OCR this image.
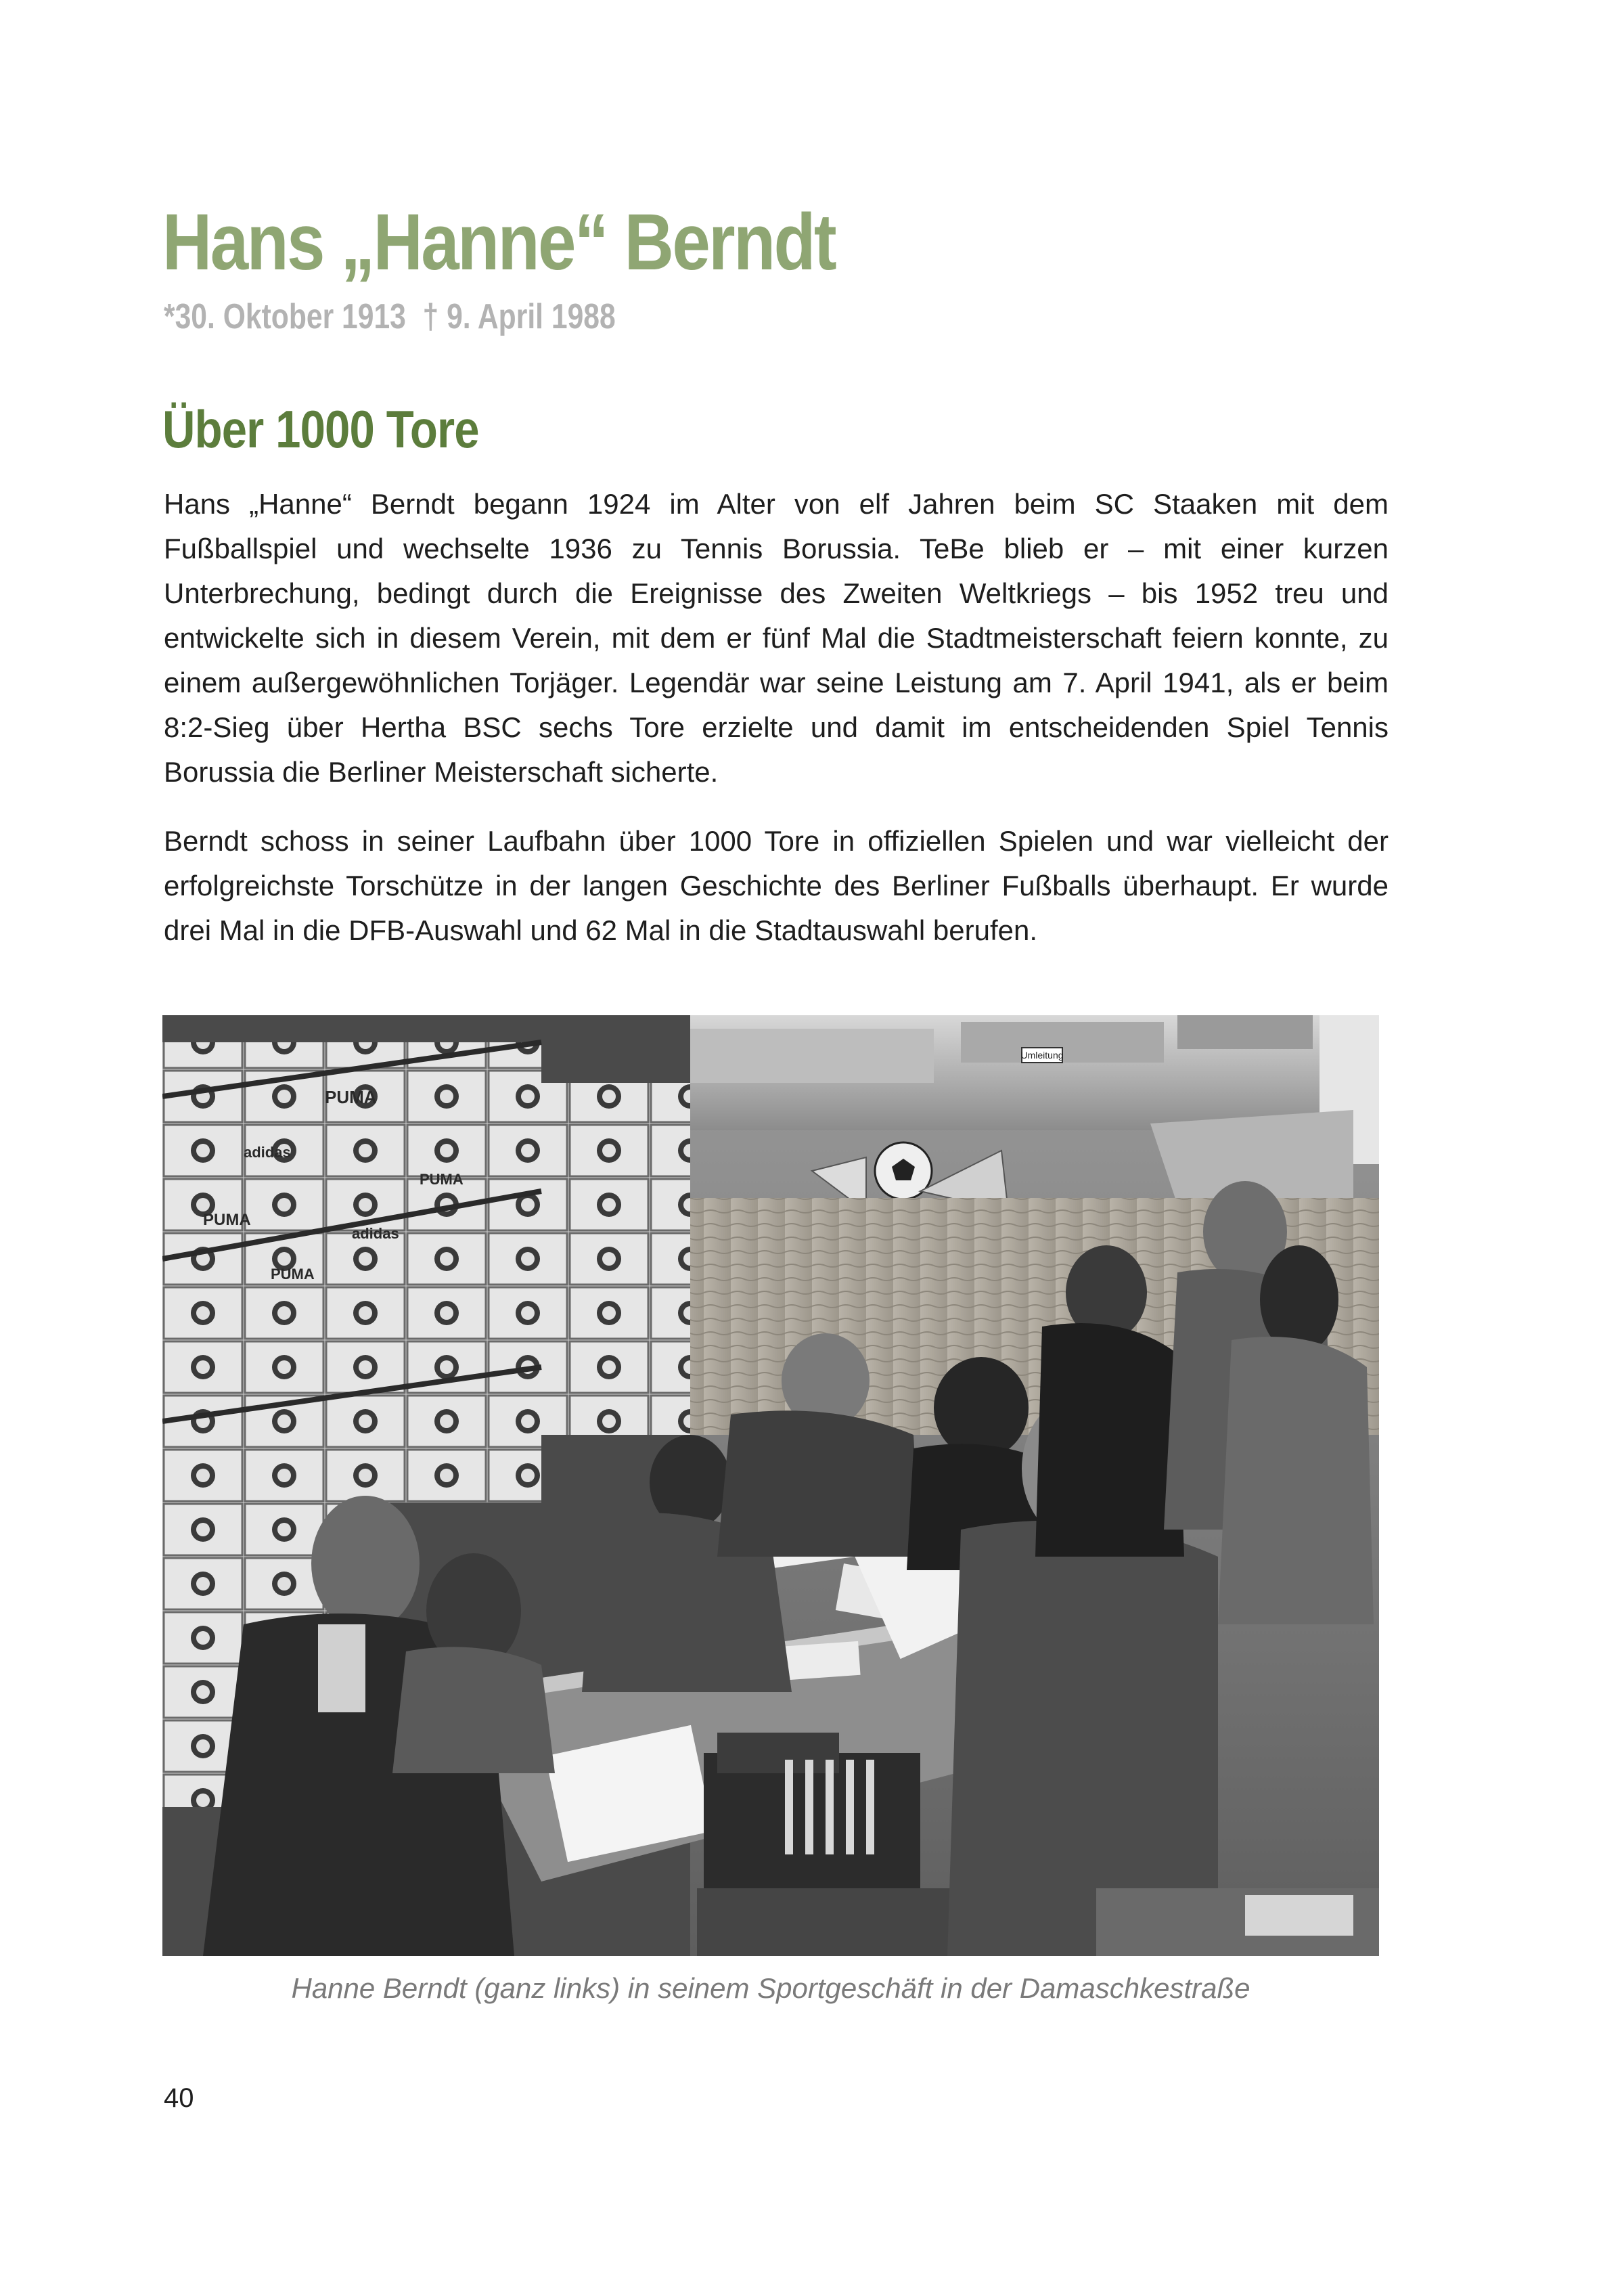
Hans „Hanne“ Berndt
*30. Oktober 1913 † 9. April 1988
Über 1000 Tore

Hans „Hanne“ Berndt begann 1924 im Alter von elf Jahren beim SC Staaken mit dem Fußballspiel und wechselte 1936 zu Tennis Borussia. TeBe blieb er – mit einer kurzen Unterbrechung, bedingt durch die Ereignisse des Zweiten Weltkriegs – bis 1952 treu und entwickelte sich in diesem Verein, mit dem er fünf Mal die Stadtmeisterschaft feiern konnte, zu einem außergewöhnlichen Torjäger. Legendär war seine Leistung am 7. April 1941, als er beim 8:2-Sieg über Hertha BSC sechs Tore erzielte und damit im entscheidenden Spiel Tennis Borussia die Berliner Meisterschaft sicherte.

Berndt schoss in seiner Laufbahn über 1000 Tore in offiziellen Spielen und war vielleicht der erfolgreichste Torschütze in der langen Geschichte des Berliner Fußballs überhaupt. Er wurde drei Mal in die DFB-Auswahl und 62 Mal in die Stadtauswahl berufen.

Umleitung
PUMA
adidas
PUMA
adidas
PUMA
PUMA

Hanne Berndt (ganz links) in seinem Sportgeschäft in der Damaschkestraße

40
